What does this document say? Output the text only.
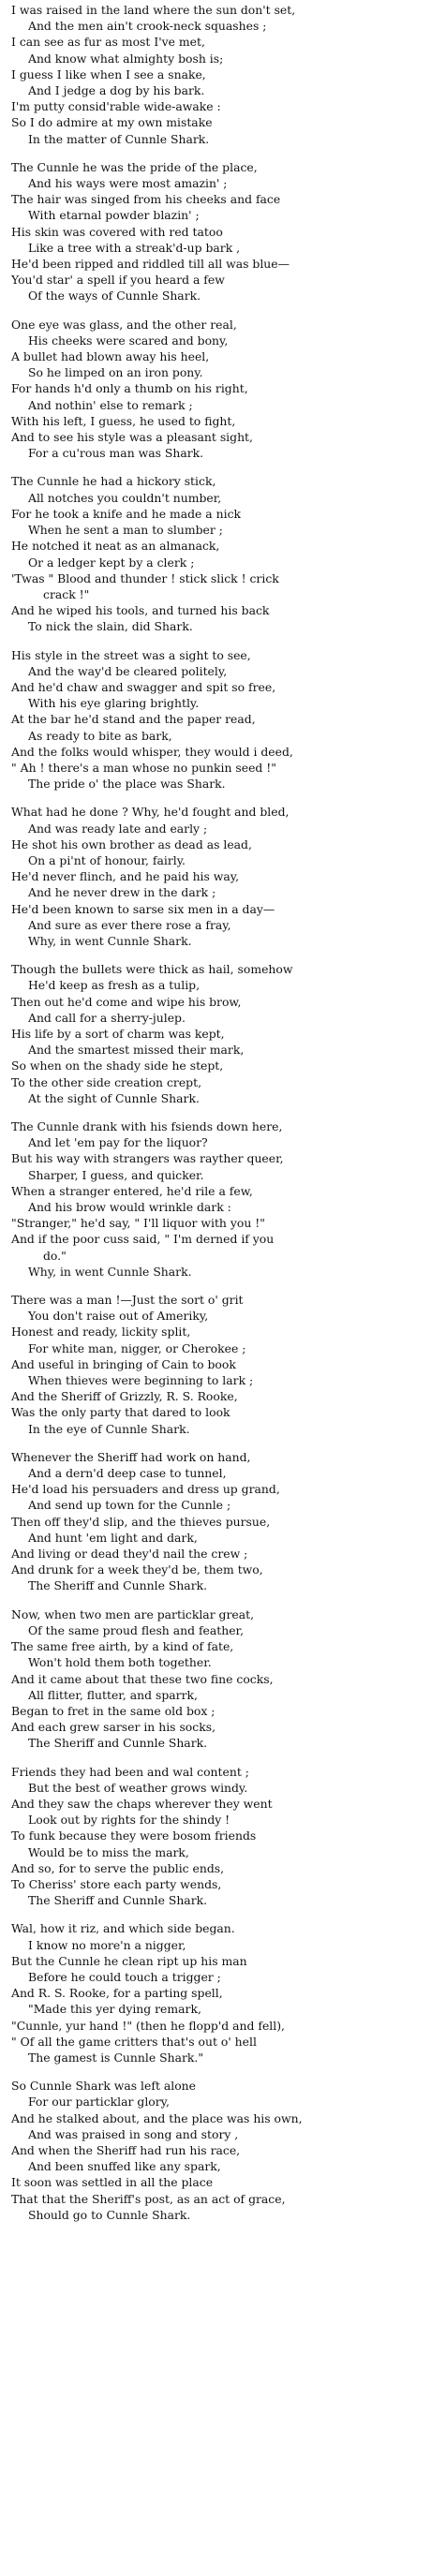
I was raised in the land where the sun don't set,
And the men ain't crook-neck squashes ;
I can see as fur as most I've met,
And know what almighty bosh is;
I guess I like when I see a snake,
And I jedge a dog by his bark.
I'm putty consid'rable wide-awake :
So I do admire at my own mistake
In the matter of Cunnle Shark.
The Cunnle he was the pride of the place,
And his ways were most amazin' ;
The hair was singed from his cheeks and face
With etarnal powder blazin' ;
His skin was covered with red tatoo
Like a tree with a streak'd-up bark ,
He'd been ripped and riddled till all was blue—
You'd star' a spell if you heard a few
Of the ways of Cunnle Shark.
One eye was glass, and the other real,
His cheeks were scared and bony,
A bullet had blown away his heel,
So he limped on an iron pony.
For hands h'd only a thumb on his right,
And nothin' else to remark ;
With his left, I guess, he used to fight,
And to see his style was a pleasant sight,
For a cu'rous man was Shark.
The Cunnle he had a hickory stick,
All notches you couldn't number,
For he took a knife and he made a nick
When he sent a man to slumber ;
He notched it neat as an almanack,
Or a ledger kept by a clerk ;
'Twas " Blood and thunder ! stick slick ! crick
crack !"
And he wiped his tools, and turned his back
To nick the slain, did Shark.
His style in the street was a sight to see,
And the way'd be cleared politely,
And he'd chaw and swagger and spit so free,
With his eye glaring brightly.
At the bar he'd stand and the paper read,
As ready to bite as bark,
And the folks would whisper, they would i deed,
" Ah ! there's a man whose no punkin seed !"
The pride o' the place was Shark.
What had he done ? Why, he'd fought and bled,
And was ready late and early ;
He shot his own brother as dead as lead,
On a pi'nt of honour, fairly.
He'd never flinch, and he paid his way,
And he never drew in the dark ;
He'd been known to sarse six men in a day—
And sure as ever there rose a fray,
Why, in went Cunnle Shark.
Though the bullets were thick as hail, somehow
He'd keep as fresh as a tulip,
Then out he'd come and wipe his brow,
And call for a sherry-julep.
His life by a sort of charm was kept,
And the smartest missed their mark,
So when on the shady side he stept,
To the other side creation crept,
At the sight of Cunnle Shark.
The Cunnle drank with his fsiends down here,
And let 'em pay for the liquor?
But his way with strangers was rayther queer,
Sharper, I guess, and quicker.
When a stranger entered, he'd rile a few,
And his brow would wrinkle dark :
"Stranger," he'd say, " I'll liquor with you !"
And if the poor cuss said, " I'm derned if you
do."
Why, in went Cunnle Shark.
There was a man !—Just the sort o' grit
You don't raise out of Ameriky,
Honest and ready, lickity split,
For white man, nigger, or Cherokee ;
And useful in bringing of Cain to book
When thieves were beginning to lark ;
And the Sheriff of Grizzly, R. S. Rooke,
Was the only party that dared to look
In the eye of Cunnle Shark.
Whenever the Sheriff had work on hand,
And a dern'd deep case to tunnel,
He'd load his persuaders and dress up grand,
And send up town for the Cunnle ;
Then off they'd slip, and the thieves pursue,
And hunt 'em light and dark,
And living or dead they'd nail the crew ;
And drunk for a week they'd be, them two,
The Sheriff and Cunnle Shark.
Now, when two men are particklar great,
Of the same proud flesh and feather,
The same free airth, by a kind of fate,
Won't hold them both together.
And it came about that these two fine cocks,
All flitter, flutter, and sparrk,
Began to fret in the same old box ;
And each grew sarser in his socks,
The Sheriff and Cunnle Shark.
Friends they had been and wal content ;
But the best of weather grows windy.
And they saw the chaps wherever they went
Look out by rights for the shindy !
To funk because they were bosom friends
Would be to miss the mark,
And so, for to serve the public ends,
To Cheriss' store each party wends,
The Sheriff and Cunnle Shark.
Wal, how it riz, and which side began.
I know no more'n a nigger,
But the Cunnle he clean ript up his man
Before he could touch a trigger ;
And R. S. Rooke, for a parting spell,
"Made this yer dying remark,
"Cunnle, yur hand !" (then he flopp'd and fell),
" Of all the game critters that's out o' hell
The gamest is Cunnle Shark."
So Cunnle Shark was left alone
For our particklar glory,
And he stalked about, and the place was his own,
And was praised in song and story ,
And when the Sheriff had run his race,
And been snuffed like any spark,
It soon was settled in all the place
That that the Sheriff's post, as an act of grace,
Should go to Cunnle Shark.
